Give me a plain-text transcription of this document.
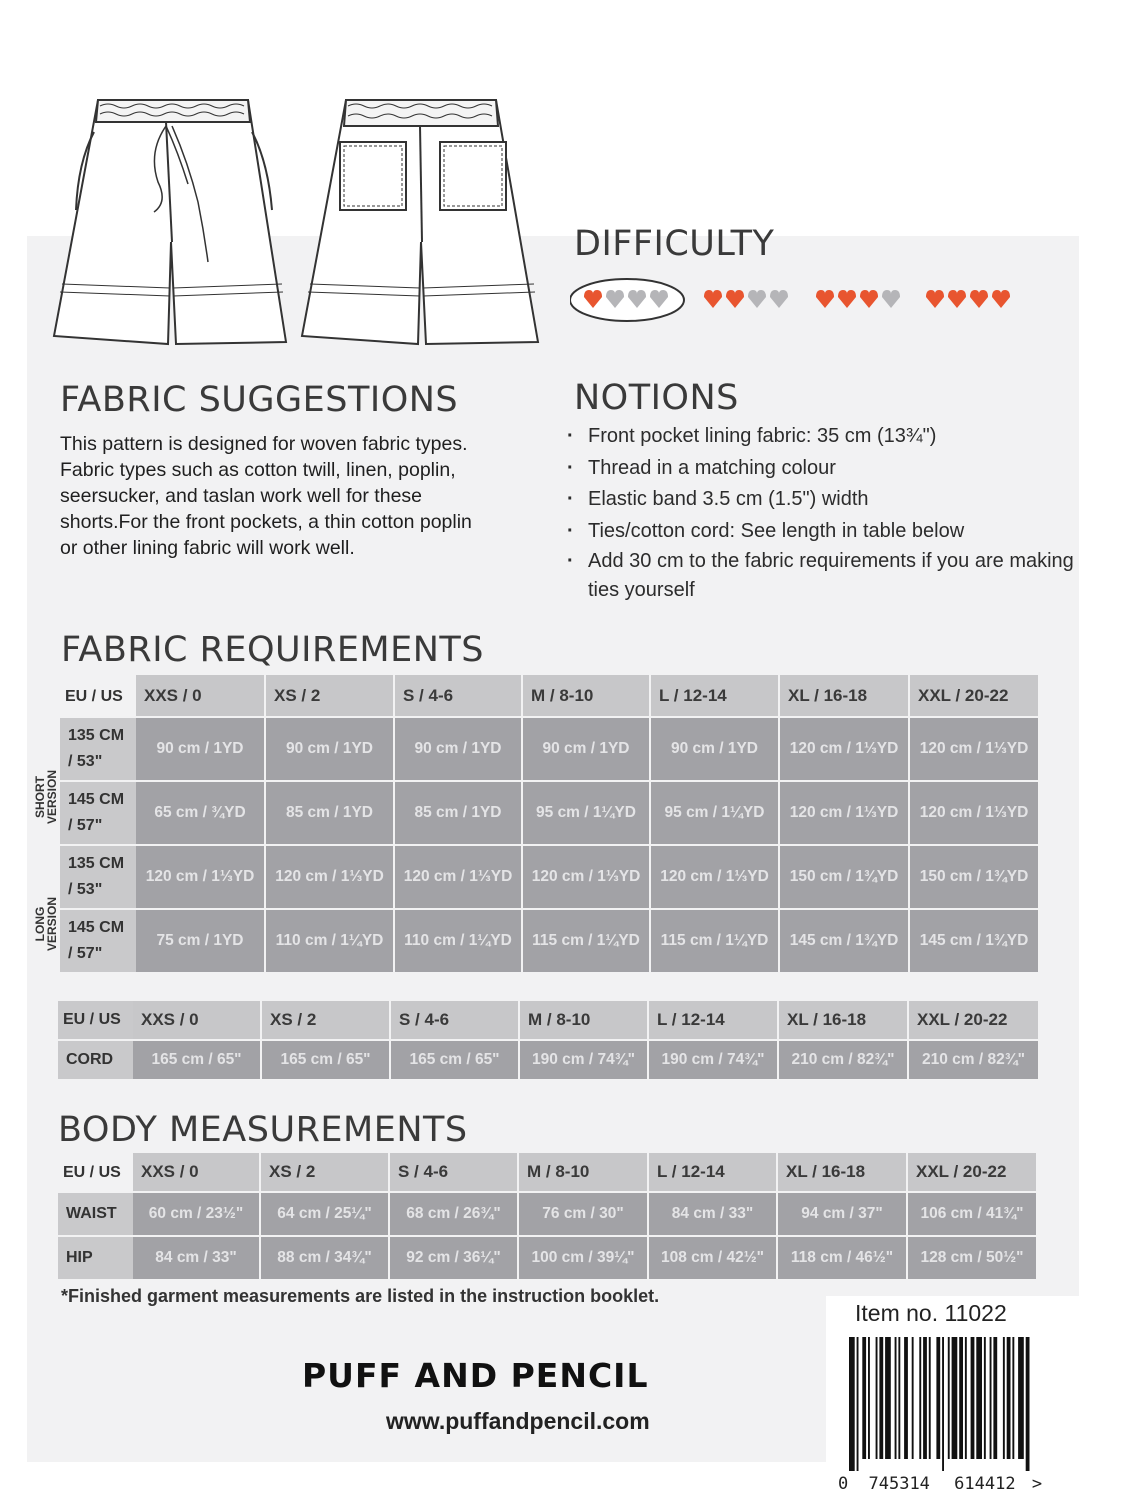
DIFFICULTY
FABRIC SUGGESTIONS
This pattern is designed for woven fabric types.
Fabric types such as cotton twill, linen, poplin,
seersucker, and taslan work well for these
shorts.For the front pockets, a thin cotton poplin
or other lining fabric will work well.
NOTIONS
· Front pocket lining fabric: 35 cm (13¾")
· Thread in a matching colour
· Elastic band 3.5 cm (1.5") width
· Ties/cotton cord: See length in table below
· Add 30 cm to the fabric requirements if you are making ties yourself
FABRIC REQUIREMENTS
SHORT VERSION
LONG VERSION
EU / US	XXS / 0	XS / 2	S / 4-6	M / 8-10	L / 12-14	XL / 16-18	XXL / 20-22
135 CM
/ 53"	90 cm / 1YD	90 cm / 1YD	90 cm / 1YD	90 cm / 1YD	90 cm / 1YD	120 cm / 1⅓YD	120 cm / 1⅓YD
145 CM
/ 57"	65 cm / ¾YD	85 cm / 1YD	85 cm / 1YD	95 cm / 1¼YD	95 cm / 1¼YD	120 cm / 1⅓YD	120 cm / 1⅓YD
135 CM
/ 53"	120 cm / 1⅓YD	120 cm / 1⅓YD	120 cm / 1⅓YD	120 cm / 1⅓YD	120 cm / 1⅓YD	150 cm / 1¾YD	150 cm / 1¾YD
145 CM
/ 57"	75 cm / 1YD	110 cm / 1¼YD	110 cm / 1¼YD	115 cm / 1¼YD	115 cm / 1¼YD	145 cm / 1¾YD	145 cm / 1¾YD
EU / US	XXS / 0	XS / 2	S / 4-6	M / 8-10	L / 12-14	XL / 16-18	XXL / 20-22
CORD	165 cm / 65"	165 cm / 65"	165 cm / 65"	190 cm / 74¾"	190 cm / 74¾"	210 cm / 82¾"	210 cm / 82¾"
BODY MEASUREMENTS
EU / US	XXS / 0	XS / 2	S / 4-6	M / 8-10	L / 12-14	XL / 16-18	XXL / 20-22
WAIST	60 cm / 23½"	64 cm / 25¼"	68 cm / 26¾"	76 cm / 30"	84 cm / 33"	94 cm / 37"	106 cm / 41¾"
HIP	84 cm / 33"	88 cm / 34¾"	92 cm / 36¼"	100 cm / 39¼"	108 cm / 42½"	118 cm / 46½"	128 cm / 50½"
*Finished garment measurements are listed in the instruction booklet.
PUFF AND PENCIL
www.puffandpencil.com
Item no. 11022
0 745314 614412 >
